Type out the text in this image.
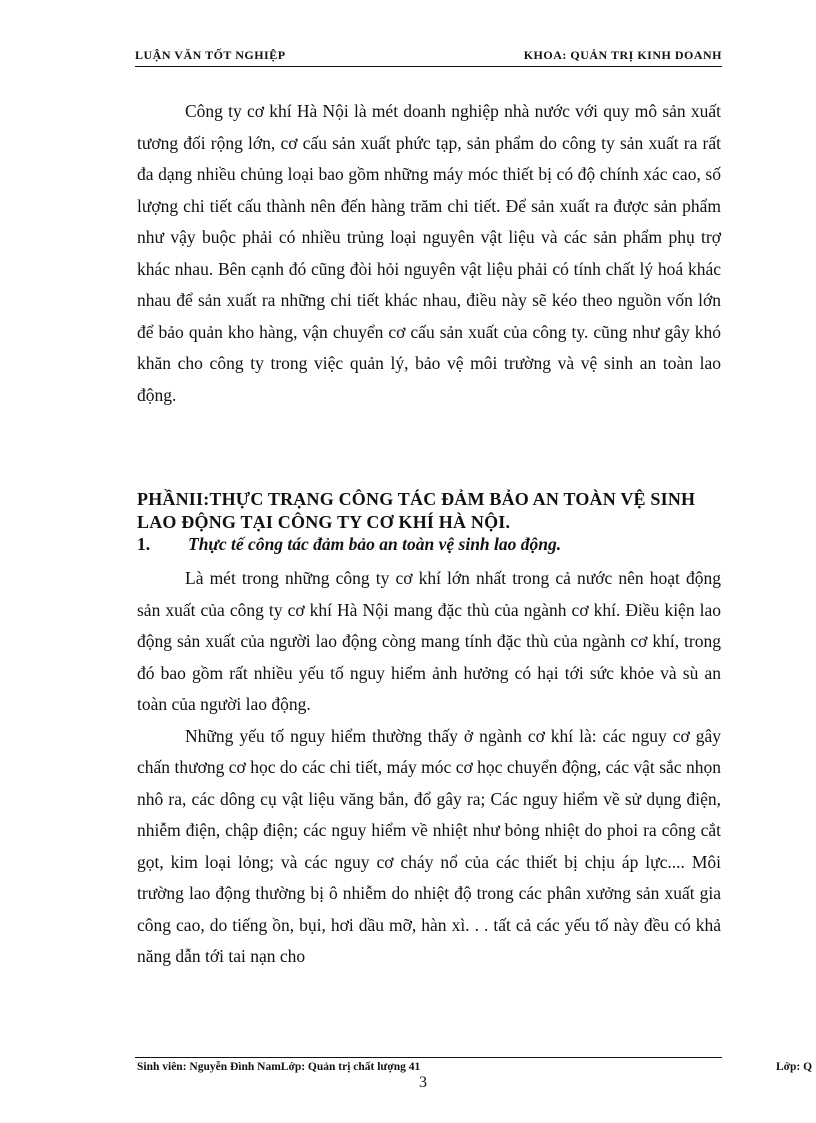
LUẬN VĂN TỐT NGHIỆP	KHOA: QUẢN TRỊ KINH DOANH

Công ty cơ khí Hà Nội là mét doanh nghiệp nhà nước với quy mô sản xuất tương đối rộng lớn, cơ cấu sản xuất phức tạp, sản phẩm do công ty sản xuất ra rất đa dạng nhiều chủng loại bao gồm những máy móc thiết bị có độ chính xác cao, số lượng chi tiết cấu thành nên đến hàng trăm chi tiết. Để sản xuất ra được sản phẩm như vậy buộc phải có nhiều trủng loại nguyên vật liệu và các sản phẩm phụ trợ khác nhau. Bên cạnh đó cũng đòi hỏi nguyên vật liệu phải có tính chất lý hoá khác nhau để sản xuất ra những chi tiết khác nhau, điều này sẽ kéo theo nguồn vốn lớn để bảo quản kho hàng, vận chuyển cơ cấu sản xuất của công ty. cũng như gây khó khăn cho công ty trong việc quản lý, bảo vệ môi trường và vệ sinh an toàn lao động.

PHẦNII:THỰC TRẠNG CÔNG TÁC ĐẢM BẢO AN TOÀN VỆ SINH LAO ĐỘNG TẠI CÔNG TY CƠ KHÍ HÀ NỘI.
1. Thực tế công tác đảm bảo an toàn vệ sinh lao động.

Là mét trong những công ty cơ khí lớn nhất trong cả nước nên hoạt động sản xuất của công ty cơ khí Hà Nội mang đặc thù của ngành cơ khí. Điều kiện lao động sản xuất của người lao động còng mang tính đặc thù của ngành cơ khí, trong đó bao gồm rất nhiều yếu tố nguy hiểm ảnh hưởng có hại tới sức khỏe và sù an toàn của người lao động.

Những yếu tố nguy hiểm thường thấy ở ngành cơ khí là: các nguy cơ gây chấn thương cơ học do các chi tiết, máy móc cơ học chuyển động, các vật sắc nhọn nhô ra, các dông cụ vật liệu văng bắn, đổ gây ra; Các nguy hiểm về sử dụng điện, nhiễm điện, chập điện; các nguy hiểm về nhiệt như bỏng nhiệt do phoi ra công cắt gọt, kim loại lỏng; và các nguy cơ cháy nổ của các thiết bị chịu áp lực.... Môi trường lao động thường bị ô nhiễm do nhiệt độ trong các phân xưởng sản xuất gia công cao, do tiếng ồn, bụi, hơi dầu mỡ, hàn xì. . . tất cả các yếu tố này đều có khả năng dẫn tới tai nạn cho

Sinh viên: Nguyễn Đình NamLớp: Quản trị chất lượng 41	Lớp: Q
3
